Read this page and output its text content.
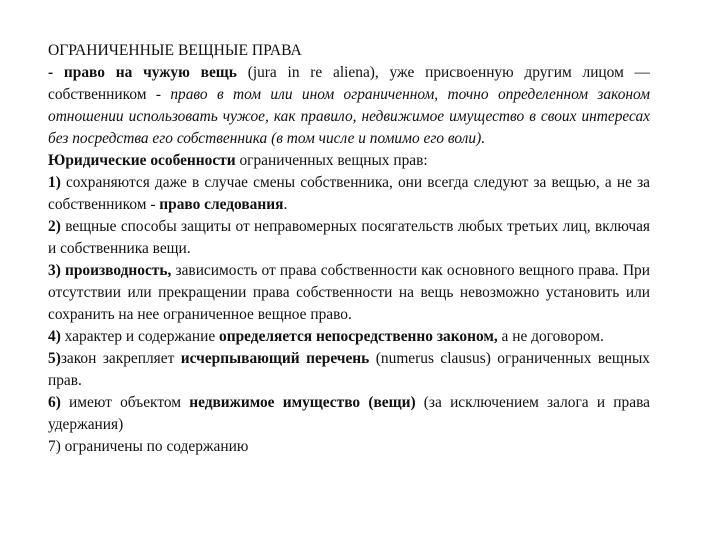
ОГРАНИЧЕННЫЕ ВЕЩНЫЕ ПРАВА

- право на чужую вещь (jura in re aliena), уже присвоенную другим лицом — собственником - право в том или ином ограниченном, точно определенном законом отношении использовать чужое, как правило, недвижимое имущество в своих интересах без посредства его собственника (в том числе и помимо его воли).

Юридические особенности ограниченных вещных прав:

1) сохраняются даже в случае смены собственника, они всегда следуют за вещью, а не за собственником - право следования.

2) вещные способы защиты от неправомерных посягательств любых третьих лиц, включая и собственника вещи.

3) производность, зависимость от права собственности как основного вещного права. При отсутствии или прекращении права собственности на вещь невозможно установить или сохранить на нее ограниченное вещное право.

4) характер и содержание определяется непосредственно законом, а не договором.

5)закон закрепляет исчерпывающий перечень (numerus clausus) ограниченных вещных прав.

6) имеют объектом недвижимое имущество (вещи) (за исключением залога и права удержания)

7) ограничены по содержанию
